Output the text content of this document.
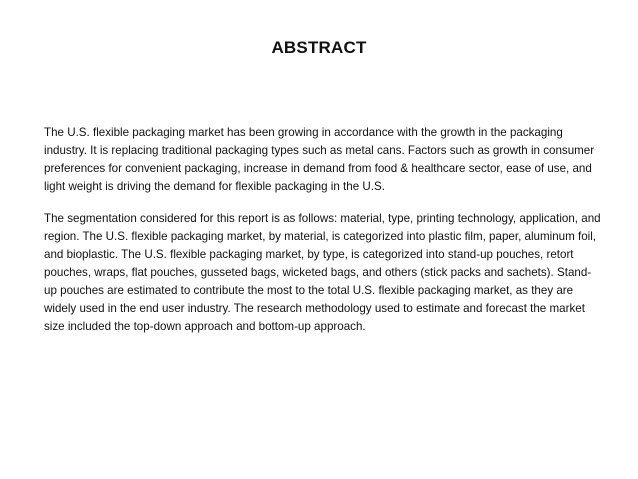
ABSTRACT

The U.S. flexible packaging market has been growing in accordance with the growth in the packaging industry. It is replacing traditional packaging types such as metal cans. Factors such as growth in consumer preferences for convenient packaging, increase in demand from food & healthcare sector, ease of use, and light weight is driving the demand for flexible packaging in the U.S.

The segmentation considered for this report is as follows: material, type, printing technology, application, and region. The U.S. flexible packaging market, by material, is categorized into plastic film, paper, aluminum foil, and bioplastic. The U.S. flexible packaging market, by type, is categorized into stand-up pouches, retort pouches, wraps, flat pouches, gusseted bags, wicketed bags, and others (stick packs and sachets). Stand-up pouches are estimated to contribute the most to the total U.S. flexible packaging market, as they are widely used in the end user industry. The research methodology used to estimate and forecast the market size included the top-down approach and bottom-up approach.
